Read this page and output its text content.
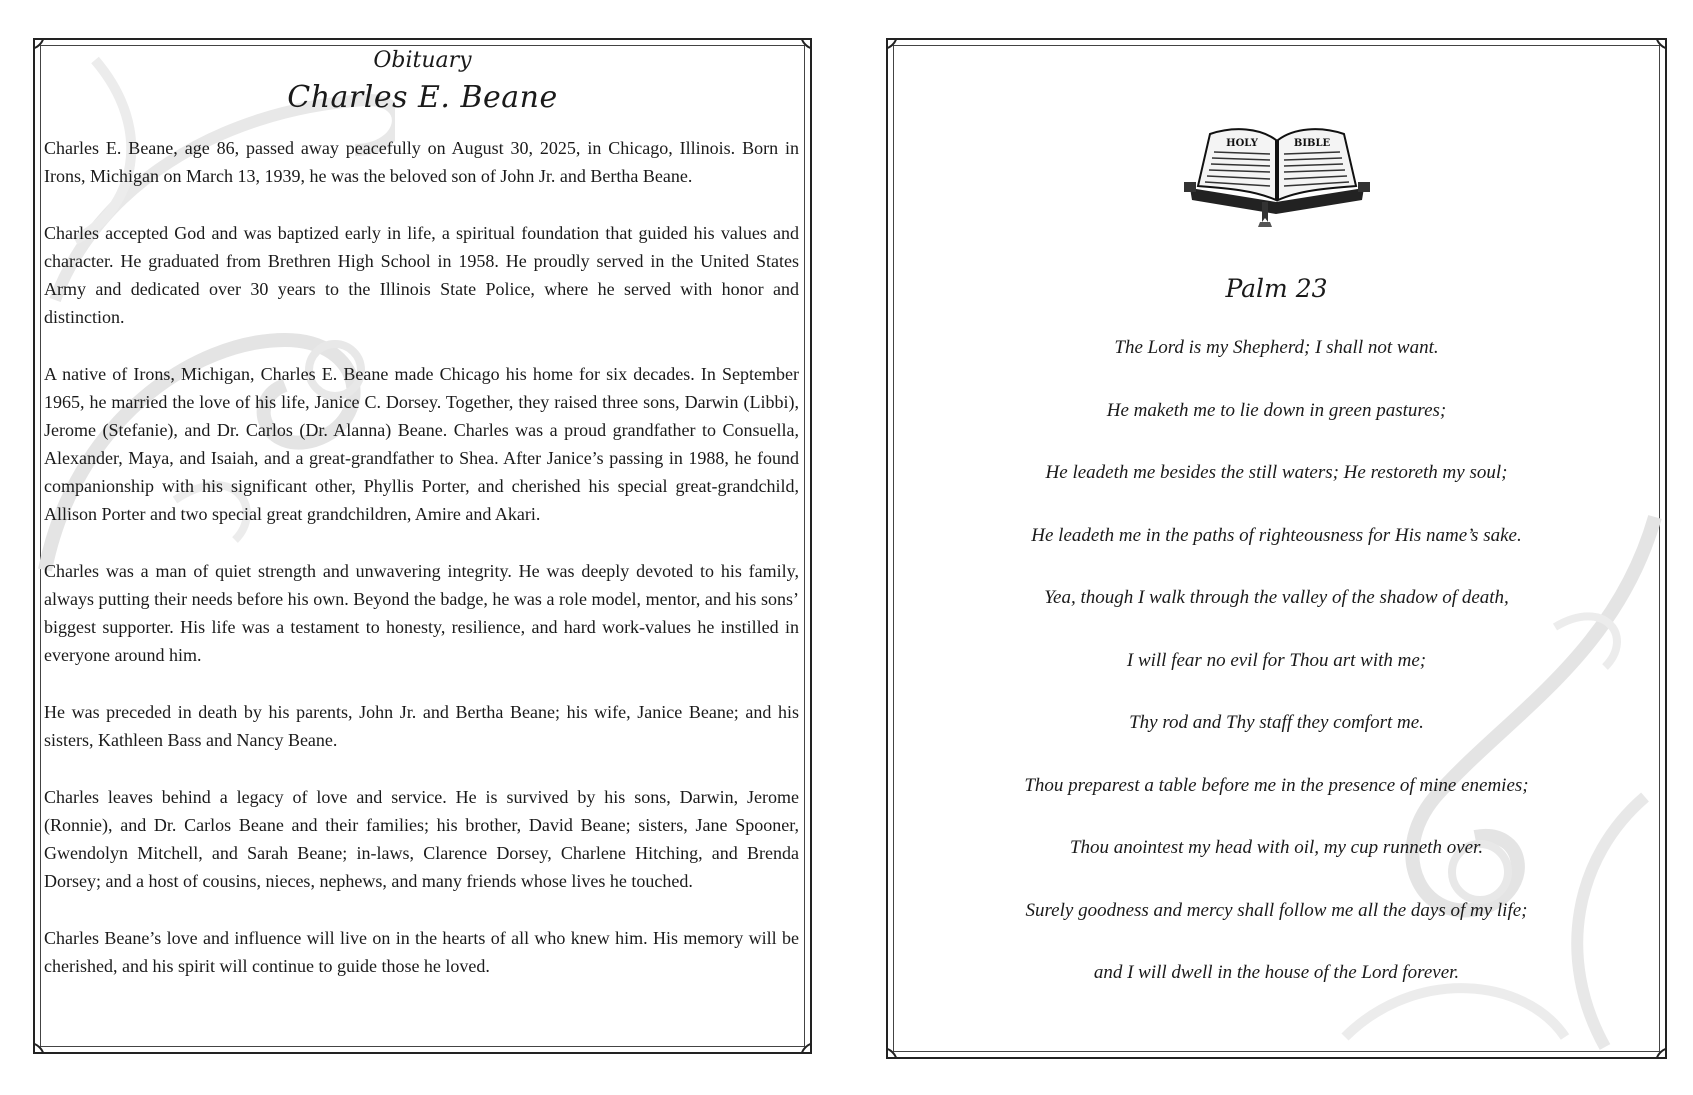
Obituary
Charles E. Beane

Charles E. Beane, age 86, passed away peacefully on August 30, 2025, in Chicago, Illinois. Born in Irons, Michigan on March 13, 1939, he was the beloved son of John Jr. and Bertha Beane.

Charles accepted God and was baptized early in life, a spiritual foundation that guided his values and character. He graduated from Brethren High School in 1958. He proudly served in the United States Army and dedicated over 30 years to the Illinois State Police, where he served with honor and distinction.

A native of Irons, Michigan, Charles E. Beane made Chicago his home for six decades. In September 1965, he married the love of his life, Janice C. Dorsey. Together, they raised three sons, Darwin (Libbi), Jerome (Stefanie), and Dr. Carlos (Dr. Alanna) Beane. Charles was a proud grandfather to Consuella, Alexander, Maya, and Isaiah, and a great-grandfather to Shea. After Janice’s passing in 1988, he found companionship with his significant other, Phyllis Porter, and cherished his special great-grandchild, Allison Porter and two special great grandchildren, Amire and Akari.

Charles was a man of quiet strength and unwavering integrity. He was deeply devoted to his family, always putting their needs before his own. Beyond the badge, he was a role model, mentor, and his sons’ biggest supporter. His life was a testament to honesty, resilience, and hard work-values he instilled in everyone around him.

He was preceded in death by his parents, John Jr. and Bertha Beane; his wife, Janice Beane; and his sisters, Kathleen Bass and Nancy Beane.

Charles leaves behind a legacy of love and service. He is survived by his sons, Darwin, Jerome (Ronnie), and Dr. Carlos Beane and their families; his brother, David Beane; sisters, Jane Spooner, Gwendolyn Mitchell, and Sarah Beane; in-laws, Clarence Dorsey, Charlene Hitching, and Brenda Dorsey; and a host of cousins, nieces, nephews, and many friends whose lives he touched.

Charles Beane’s love and influence will live on in the hearts of all who knew him. His memory will be cherished, and his spirit will continue to guide those he loved.

HOLY	BIBLE
Palm 23
The Lord is my Shepherd; I shall not want.
He maketh me to lie down in green pastures;
He leadeth me besides the still waters; He restoreth my soul;
He leadeth me in the paths of righteousness for His name’s sake.
Yea, though I walk through the valley of the shadow of death,
I will fear no evil for Thou art with me;
Thy rod and Thy staff they comfort me.
Thou preparest a table before me in the presence of mine enemies;
Thou anointest my head with oil, my cup runneth over.
Surely goodness and mercy shall follow me all the days of my life;
and I will dwell in the house of the Lord forever.
